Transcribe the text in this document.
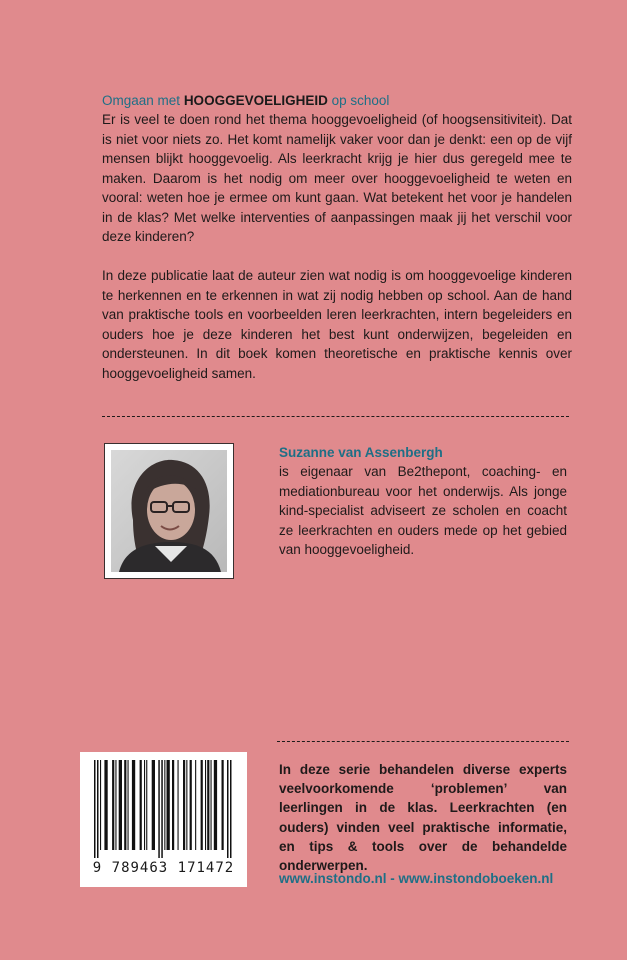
Omgaan met HOOGGEVOELIGHEID op school

Er is veel te doen rond het thema hooggevoeligheid (of hoogsensitiviteit). Dat is niet voor niets zo. Het komt namelijk vaker voor dan je denkt: een op de vijf mensen blijkt hooggevoelig. Als leerkracht krijg je hier dus geregeld mee te maken. Daarom is het nodig om meer over hooggevoeligheid te weten en vooral: weten hoe je ermee om kunt gaan. Wat betekent het voor je handelen in de klas? Met welke interventies of aanpassingen maak jij het verschil voor deze kinderen?

In deze publicatie laat de auteur zien wat nodig is om hooggevoelige kinderen te herkennen en te erkennen in wat zij nodig hebben op school. Aan de hand van praktische tools en voorbeelden leren leerkrachten, intern begeleiders en ouders hoe je deze kinderen het best kunt onderwijzen, begeleiden en ondersteunen. In dit boek komen theoretische en praktische kennis over hooggevoeligheid samen.

Suzanne van Assenbergh

is eigenaar van Be2thepont, coaching- en mediationbureau voor het onderwijs. Als jonge kind-specialist adviseert ze scholen en coacht ze leerkrachten en ouders mede op het gebied van hooggevoeligheid.

9 789463 171472

In deze serie behandelen diverse experts veelvoorkomende ‘problemen’ van leerlingen in de klas. Leerkrachten (en ouders) vinden veel praktische informatie, en tips & tools over de behandelde onderwerpen.

www.instondo.nl - www.instondoboeken.nl
